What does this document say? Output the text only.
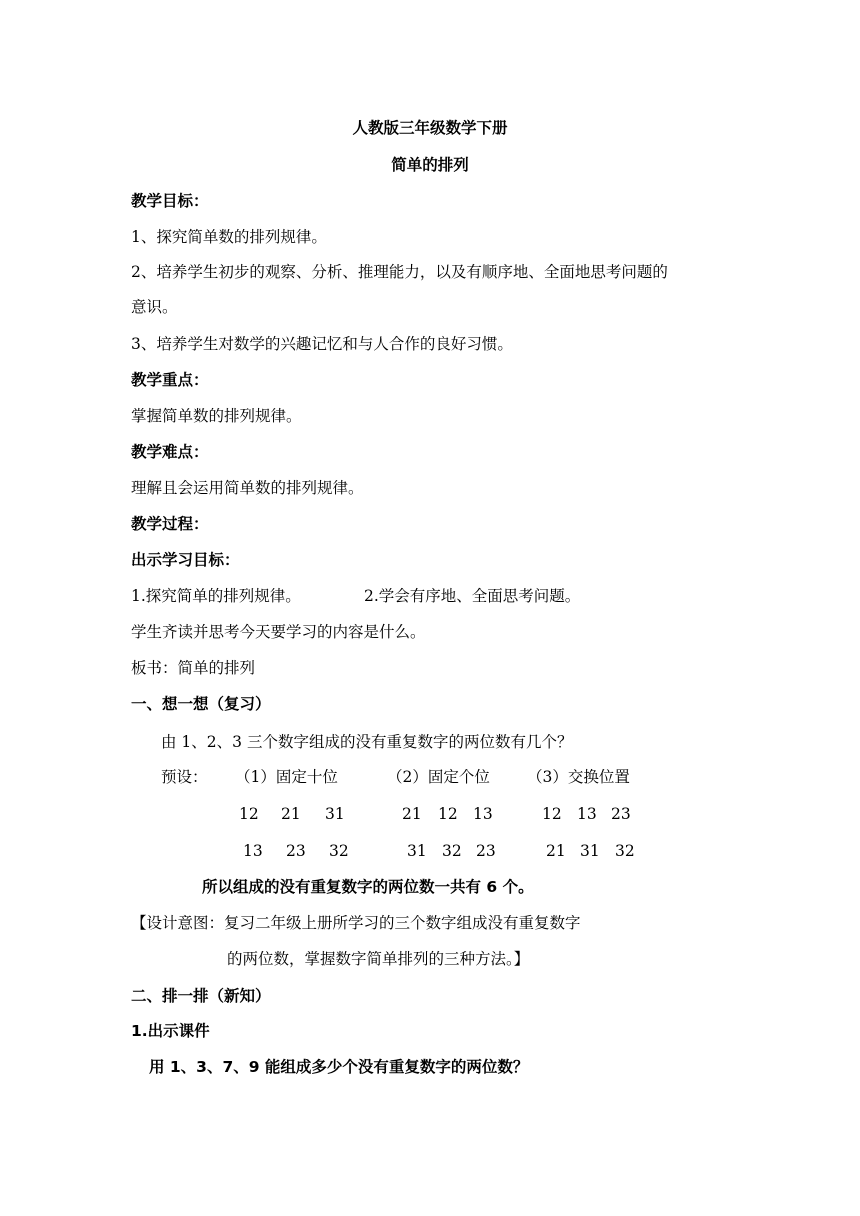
人教版三年级数学下册
简单的排列
教学目标：
1、探究简单数的排列规律。
2、培养学生初步的观察、分析、推理能力，以及有顺序地、全面地思考问题的
意识。
3、培养学生对数学的兴趣记忆和与人合作的良好习惯。
教学重点：
掌握简单数的排列规律。
教学难点：
理解且会运用简单数的排列规律。
教学过程：
出示学习目标：
1.探究简单的排列规律。	2.学会有序地、全面思考问题。
学生齐读并思考今天要学习的内容是什么。
板书：简单的排列
一、想一想（复习）
由 1、2、3 三个数字组成的没有重复数字的两位数有几个？
预设： （1）固定十位	（2）固定个位 （3）交换位置
12 21 31
13 23 32
21 12 13
31 32 23
12 13 23
21 31 32
所以组成的没有重复数字的两位数一共有 6 个。
【设计意图：复习二年级上册所学习的三个数字组成没有重复数字
的两位数，掌握数字简单排列的三种方法。】
二、排一排（新知）
1.出示课件
用 1、3、7、9 能组成多少个没有重复数字的两位数？
